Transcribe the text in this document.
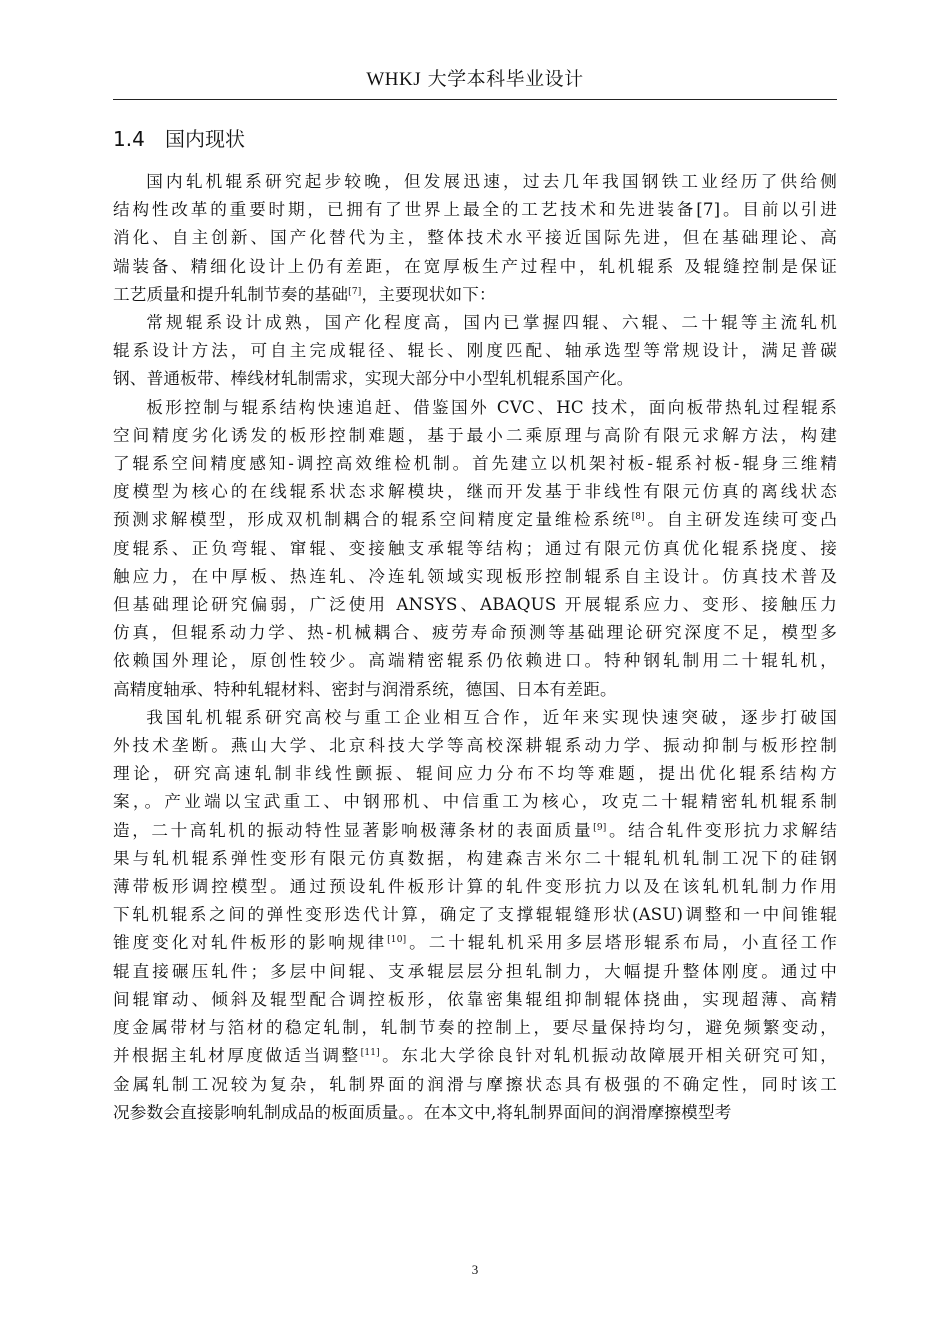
WHKJ 大学本科毕业设计
1.4 国内现状

国内轧机辊系研究起步较晚，但发展迅速，过去几年我国钢铁工业经历了供给侧
结构性改革的重要时期，已拥有了世界上最全的工艺技术和先进装备[7]。目前以引进
消化、自主创新、国产化替代为主，整体技术水平接近国际先进，但在基础理论、高
端装备、精细化设计上仍有差距，在宽厚板生产过程中，轧机辊系 及辊缝控制是保证
工艺质量和提升轧制节奏的基础[7]，主要现状如下：

常规辊系设计成熟，国产化程度高，国内已掌握四辊、六辊、二十辊等主流轧机
辊系设计方法，可自主完成辊径、辊长、刚度匹配、轴承选型等常规设计，满足普碳
钢、普通板带、棒线材轧制需求，实现大部分中小型轧机辊系国产化。

板形控制与辊系结构快速追赶、借鉴国外 CVC、HC 技术，面向板带热轧过程辊系
空间精度劣化诱发的板形控制难题，基于最小二乘原理与高阶有限元求解方法，构建
了辊系空间精度感知-调控高效维检机制。首先建立以机架衬板-辊系衬板-辊身三维精
度模型为核心的在线辊系状态求解模块，继而开发基于非线性有限元仿真的离线状态
预测求解模型，形成双机制耦合的辊系空间精度定量维检系统[8]。自主研发连续可变凸
度辊系、正负弯辊、窜辊、变接触支承辊等结构；通过有限元仿真优化辊系挠度、接
触应力，在中厚板、热连轧、冷连轧领域实现板形控制辊系自主设计。仿真技术普及
但基础理论研究偏弱，广泛使用 ANSYS、ABAQUS 开展辊系应力、变形、接触压力
仿真，但辊系动力学、热-机械耦合、疲劳寿命预测等基础理论研究深度不足，模型多
依赖国外理论，原创性较少。高端精密辊系仍依赖进口。特种钢轧制用二十辊轧机，
高精度轴承、特种轧辊材料、密封与润滑系统，德国、日本有差距。

我国轧机辊系研究高校与重工企业相互合作，近年来实现快速突破，逐步打破国
外技术垄断。燕山大学、北京科技大学等高校深耕辊系动力学、振动抑制与板形控制
理论，研究高速轧制非线性颤振、辊间应力分布不均等难题，提出优化辊系结构方
案，。产业端以宝武重工、中钢邢机、中信重工为核心，攻克二十辊精密轧机辊系制
造，二十高轧机的振动特性显著影响极薄条材的表面质量[9]。结合轧件变形抗力求解结
果与轧机辊系弹性变形有限元仿真数据，构建森吉米尔二十辊轧机轧制工况下的硅钢
薄带板形调控模型。通过预设轧件板形计算的轧件变形抗力以及在该轧机轧制力作用
下轧机辊系之间的弹性变形迭代计算，确定了支撑辊辊缝形状(ASU)调整和一中间锥辊
锥度变化对轧件板形的影响规律[10]。二十辊轧机采用多层塔形辊系布局，小直径工作
辊直接碾压轧件；多层中间辊、支承辊层层分担轧制力，大幅提升整体刚度。通过中
间辊窜动、倾斜及辊型配合调控板形，依靠密集辊组抑制辊体挠曲，实现超薄、高精
度金属带材与箔材的稳定轧制，轧制节奏的控制上，要尽量保持均匀，避免频繁变动，
并根据主轧材厚度做适当调整[11]。东北大学徐良针对轧机振动故障展开相关研究可知，
金属轧制工况较为复杂，轧制界面的润滑与摩擦状态具有极强的不确定性，同时该工
况参数会直接影响轧制成品的板面质量。。在本文中,将轧制界面间的润滑摩擦模型考

3
